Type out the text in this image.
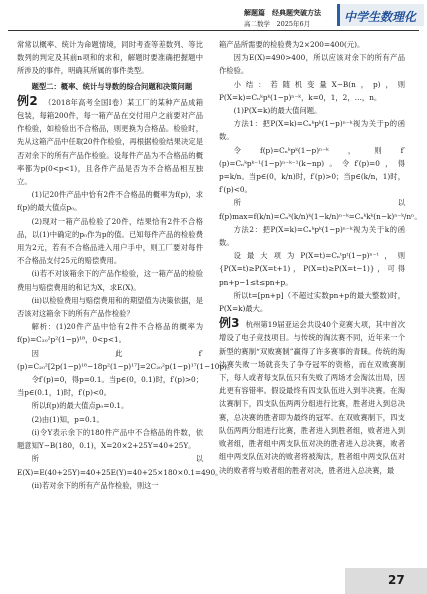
解题篇　经典题突破方法
高二数学　2025年6月	中学生数理化

常常以概率、统计为命题情境，同时考查等差数列、等比数列的判定及其前n项和的求和，解题时要准确把握题中所涉及的事件，明确其所属的事件类型。

题型二：概率、统计与导数的综合问题和决策问题

例2 （2018年高考全国Ⅰ卷）某工厂的某种产品成箱包装，每箱200件，每一箱产品在交付用户之前要对产品作检验，如检验出不合格品，则更换为合格品。检验时，先从这箱产品中任取20件作检验，再根据检验结果决定是否对余下的所有产品作检验。设每件产品为不合格品的概率都为p(0<p<1)，且各件产品是否为不合格品相互独立。

(1)记20件产品中恰有2件不合格品的概率为f(p)，求f(p)的最大值点p₀。

(2)现对一箱产品检验了20件，结果恰有2件不合格品，以(1)中确定的p₀作为p的值。已知每件产品的检验费用为2元，若有不合格品进入用户手中，则工厂要对每件不合格品支付25元的赔偿费用。

(i)若不对该箱余下的产品作检验，这一箱产品的检验费用与赔偿费用的和记为X，求E(X)。

(ii)以检验费用与赔偿费用和的期望值为决策依据，是否该对这箱余下的所有产品作检验？

解析：(1)20件产品中恰有2件不合格品的概率为f(p)=C₂₀²p²(1−p)¹⁸，0<p<1。

因此f′(p)=C₂₀²[2p(1−p)¹⁸−18p²(1−p)¹⁷]=2C₂₀²p(1−p)¹⁷(1−10p)。

令f′(p)=0，得p=0.1。当p∈(0，0.1)时，f′(p)>0；当p∈(0.1，1)时，f′(p)<0。

所以f(p)的最大值点p₀=0.1。

(2)由(1)知，p=0.1。

(i)令Y表示余下的180件产品中不合格品的件数，依题意知Y∼B(180，0.1)，X=20×2+25Y=40+25Y。

所以E(X)=E(40+25Y)=40+25E(Y)=40+25×180×0.1=490。

(ii)若对余下的所有产品作检验，则这一

箱产品所需要的检验费为2×200=400(元)。

因为E(X)=490>400，所以应该对余下的所有产品作检验。

小结：若随机变量X∼B(n，p)，则P(X=k)=Cₙᵏpᵏ(1−p)ⁿ⁻ᵏ，k=0，1，2，…，n。

(1)P(X=k)的最大值问题。

方法1：把P(X=k)=Cₙᵏpᵏ(1−p)ⁿ⁻ᵏ视为关于p的函数。

令f(p)=Cₙᵏpᵏ(1−p)ⁿ⁻ᵏ，则f′(p)=Cₙᵏpᵏ⁻¹(1−p)ⁿ⁻ᵏ⁻¹(k−np)。令f′(p)=0，得p=k/n。当p∈(0，k/n)时，f′(p)>0；当p∈(k/n，1)时，f′(p)<0。

所以f(p)max=f(k/n)=Cₙᵏ(k/n)ᵏ(1−k/n)ⁿ⁻ᵏ=Cₙᵏkᵏ(n−k)ⁿ⁻ᵏ/nⁿ。

方法2：把P(X=k)=Cₙᵏpᵏ(1−p)ⁿ⁻ᵏ视为关于k的函数。

设最大项为P(X=t)=Cₙᵗpᵗ(1−p)ⁿ⁻ᵗ，则{P(X=t)≥P(X=t+1)，P(X=t)≥P(X=t−1)}，可得pn+p−1≤t≤pn+p。

所以t=[pn+p]（不超过实数pn+p的最大整数)时，P(X=k)最大。

例3 杭州第19届亚运会共设40个竞赛大项，其中首次增设了电子竞技项目。与传统的淘汰赛不同，近年来一个新型的赛制“双败赛制”赢得了许多赛事的青睐。传统的淘汰赛失败一场就丧失了争夺冠军的资格，而在双败赛制下，每人或者每支队伍只有失败了两场才会淘汰出局，因此更有容错率。假设最终有四支队伍进入到半决赛。在淘汰赛制下，四支队伍两两分组进行比赛，胜者进入到总决赛，总决赛的胜者即为最终的冠军。在双败赛制下，四支队伍两两分组进行比赛，胜者进入到胜者组，败者进入到败者组，胜者组中两支队伍对决的胜者进入总决赛，败者组中两支队伍对决的败者将被淘汰，胜者组中两支队伍对决的败者将与败者组的胜者对决，胜者进入总决赛，最

27
